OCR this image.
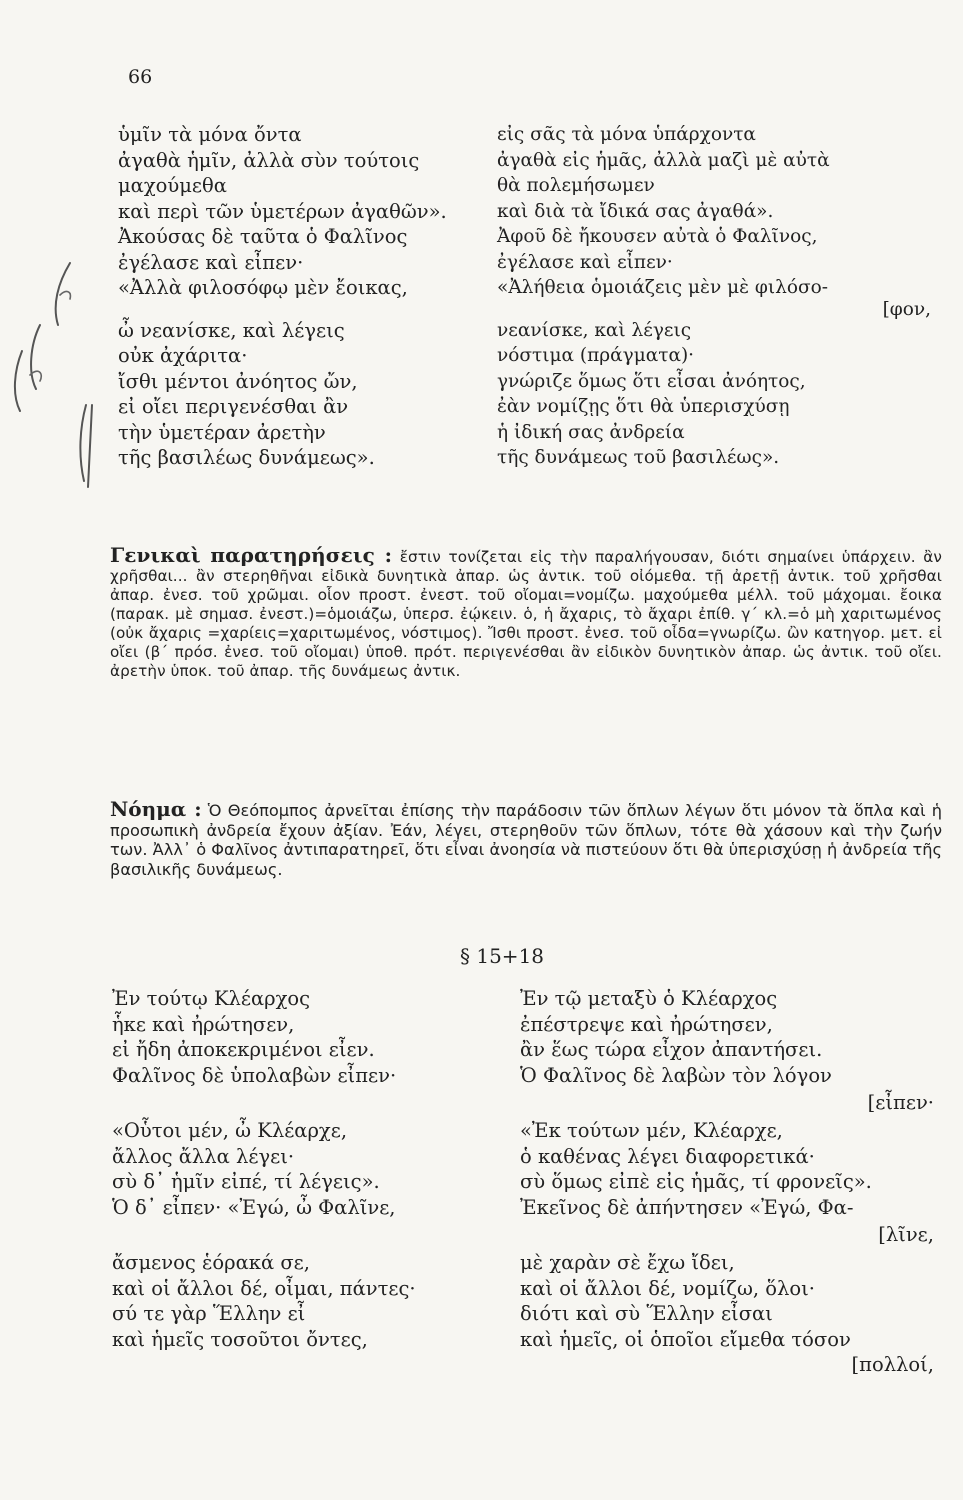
66
ὑμῖν τὰ μόνα ὄντα
ἀγαθὰ ἡμῖν, ἀλλὰ σὺν τούτοις
μαχούμεθα
καὶ περὶ τῶν ὑμετέρων ἀγαθῶν».
Ἀκούσας δὲ ταῦτα ὁ Φαλῖνος
ἐγέλασε καὶ εἶπεν·
«Ἀλλὰ φιλοσόφῳ μὲν ἔοικας,
ὦ νεανίσκε, καὶ λέγεις
οὐκ ἀχάριτα·
ἴσθι μέντοι ἀνόητος ὤν,
εἰ οἴει περιγενέσθαι ἂν
τὴν ὑμετέραν ἀρετὴν
τῆς βασιλέως δυνάμεως».
εἰς σᾶς τὰ μόνα ὑπάρχοντα
ἀγαθὰ εἰς ἡμᾶς, ἀλλὰ μαζὶ μὲ αὐτὰ
θὰ πολεμήσωμεν
καὶ διὰ τὰ ἴδικά σας ἀγαθά».
Ἀφοῦ δὲ ἤκουσεν αὐτὰ ὁ Φαλῖνος,
ἐγέλασε καὶ εἶπεν·
«Ἀλήθεια ὁμοιάζεις μὲν μὲ φιλόσο-
[φον,
νεανίσκε, καὶ λέγεις
νόστιμα (πράγματα)·
γνώριζε ὅμως ὅτι εἶσαι ἀνόητος,
ἐὰν νομίζῃς ὅτι θὰ ὑπερισχύσῃ
ἡ ἰδική σας ἀνδρεία
τῆς δυνάμεως τοῦ βασιλέως».

Γενικαὶ παρατηρήσεις : ἔστιν τονίζεται εἰς τὴν παραλήγουσαν, διότι σημαίνει ὑπάρχειν. ἂν χρῆσθαι... ἂν στερηθῆναι εἰδικὰ δυνητικὰ ἀπαρ. ὡς ἀντικ. τοῦ οἰόμεθα. τῇ ἀρετῇ ἀντικ. τοῦ χρῆσθαι ἀπαρ. ἐνεσ. τοῦ χρῶμαι. οἷον προστ. ἐνεστ. τοῦ οἴομαι=νομίζω. μαχούμεθα μέλλ. τοῦ μάχομαι. ἔοικα (παρακ. μὲ σημασ. ἐνεστ.)=ὁμοιάζω, ὑπερσ. ἐῴκειν. ὁ, ἡ ἄχαρις, τὸ ἄχαρι ἐπίθ. γ΄ κλ.=ὁ μὴ χαριτωμένος (οὐκ ἄχαρις =χαρίεις=χαριτωμένος, νόστιμος). Ἴσθι προστ. ἐνεσ. τοῦ οἶδα=γνωρίζω. ὢν κατηγορ. μετ. εἰ οἴει (β΄ πρόσ. ἐνεσ. τοῦ οἴομαι) ὑποθ. πρότ. περιγενέσθαι ἂν εἰδικὸν δυνητικὸν ἀπαρ. ὡς ἀντικ. τοῦ οἴει. ἀρετὴν ὑποκ. τοῦ ἀπαρ. τῆς δυνάμεως ἀντικ.

Νόημα : Ὁ Θεόπομπος ἀρνεῖται ἐπίσης τὴν παράδοσιν τῶν ὅπλων λέγων ὅτι μόνον τὰ ὅπλα καὶ ἡ προσωπικὴ ἀνδρεία ἔχουν ἀξίαν. Ἐάν, λέγει, στερηθοῦν τῶν ὅπλων, τότε θὰ χάσουν καὶ τὴν ζωήν των. Ἀλλ᾽ ὁ Φαλῖνος ἀντιπαρατηρεῖ, ὅτι εἶναι ἀνοησία νὰ πιστεύουν ὅτι θὰ ὑπερισχύσῃ ἡ ἀνδρεία τῆς βασιλικῆς δυνάμεως.

§ 15+18
Ἐν τούτῳ Κλέαρχος
ἧκε καὶ ἠρώτησεν,
εἰ ἤδη ἀποκεκριμένοι εἶεν.
Φαλῖνος δὲ ὑπολαβὼν εἶπεν·
«Οὗτοι μέν, ὦ Κλέαρχε,
ἄλλος ἄλλα λέγει·
σὺ δ᾽ ἡμῖν εἰπέ, τί λέγεις».
Ὁ δ᾽ εἶπεν· «Ἐγώ, ὦ Φαλῖνε,
ἄσμενος ἑόρακά σε,
καὶ οἱ ἄλλοι δέ, οἶμαι, πάντες·
σύ τε γὰρ Ἕλλην εἶ
καὶ ἡμεῖς τοσοῦτοι ὄντες,
Ἐν τῷ μεταξὺ ὁ Κλέαρχος
ἐπέστρεψε καὶ ἠρώτησεν,
ἂν ἕως τώρα εἶχον ἀπαντήσει.
Ὁ Φαλῖνος δὲ λαβὼν τὸν λόγον
[εἶπεν·
«Ἐκ τούτων μέν, Κλέαρχε,
ὁ καθένας λέγει διαφορετικά·
σὺ ὅμως εἰπὲ εἰς ἡμᾶς, τί φρονεῖς».
Ἐκεῖνος δὲ ἀπήντησεν «Ἐγώ, Φα-
[λῖνε,
μὲ χαρὰν σὲ ἔχω ἴδει,
καὶ οἱ ἄλλοι δέ, νομίζω, ὅλοι·
διότι καὶ σὺ Ἕλλην εἶσαι
καὶ ἡμεῖς, οἱ ὁποῖοι εἴμεθα τόσον
[πολλοί,
